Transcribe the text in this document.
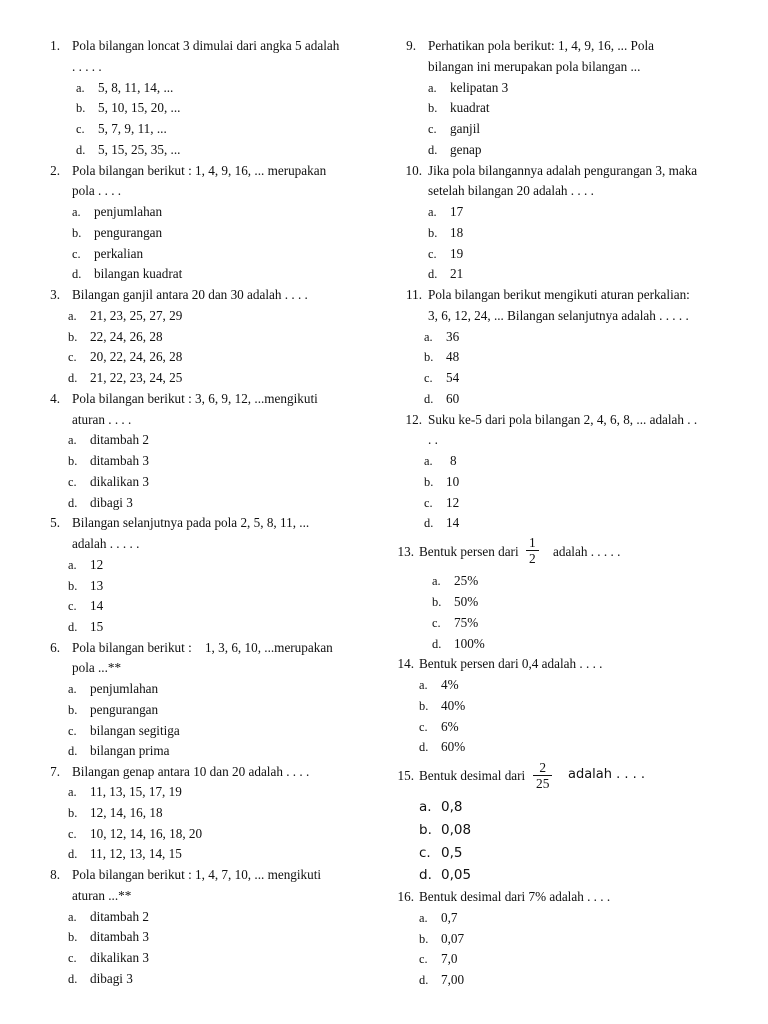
1. Pola bilangan loncat 3 dimulai dari angka 5 adalah
. . . . .
a. 5, 8, 11, 14, ...
b. 5, 10, 15, 20, ...
c. 5, 7, 9, 11, ...
d. 5, 15, 25, 35, ...
2. Pola bilangan berikut : 1, 4, 9, 16, ... merupakan
pola . . . .
a. penjumlahan
b. pengurangan
c. perkalian
d. bilangan kuadrat
3. Bilangan ganjil antara 20 dan 30 adalah . . . .
a. 21, 23, 25, 27, 29
b. 22, 24, 26, 28
c. 20, 22, 24, 26, 28
d. 21, 22, 23, 24, 25
4. Pola bilangan berikut : 3, 6, 9, 12, ...mengikuti
aturan . . . .
a. ditambah 2
b. ditambah 3
c. dikalikan 3
d. dibagi 3
5. Bilangan selanjutnya pada pola 2, 5, 8, 11, ...
adalah . . . . .
a. 12
b. 13
c. 14
d. 15
6. Pola bilangan berikut :    1, 3, 6, 10, ...merupakan
pola ...**
a. penjumlahan
b. pengurangan
c. bilangan segitiga
d. bilangan prima
7. Bilangan genap antara 10 dan 20 adalah . . . .
a. 11, 13, 15, 17, 19
b. 12, 14, 16, 18
c. 10, 12, 14, 16, 18, 20
d. 11, 12, 13, 14, 15
8. Pola bilangan berikut : 1, 4, 7, 10, ... mengikuti
aturan ...**
a. ditambah 2
b. ditambah 3
c. dikalikan 3
d. dibagi 3
9. Perhatikan pola berikut: 1, 4, 9, 16, ... Pola
bilangan ini merupakan pola bilangan ...
a. kelipatan 3
b. kuadrat
c. ganjil
d. genap
10. Jika pola bilangannya adalah pengurangan 3, maka
setelah bilangan 20 adalah . . . .
a. 17
b. 18
c. 19
d. 21
11. Pola bilangan berikut mengikuti aturan perkalian:
3, 6, 12, 24, ... Bilangan selanjutnya adalah . . . . .
a. 36
b. 48
c. 54
d. 60
12. Suku ke-5 dari pola bilangan 2, 4, 6, 8, ... adalah . .
. .
a. 8
b. 10
c. 12
d. 14
13. Bentuk persen dari
1
2 adalah . . . . .
a. 25%
b. 50%
c. 75%
d. 100%
14. Bentuk persen dari 0,4 adalah . . . .
a. 4%
b. 40%
c. 6%
d. 60%
15. Bentuk desimal dari
2
25
adalah . . . .
a. 0,8
b. 0,08
c. 0,5
d. 0,05
16. Bentuk desimal dari 7% adalah . . . .
a. 0,7
b. 0,07
c. 7,0
d. 7,00
